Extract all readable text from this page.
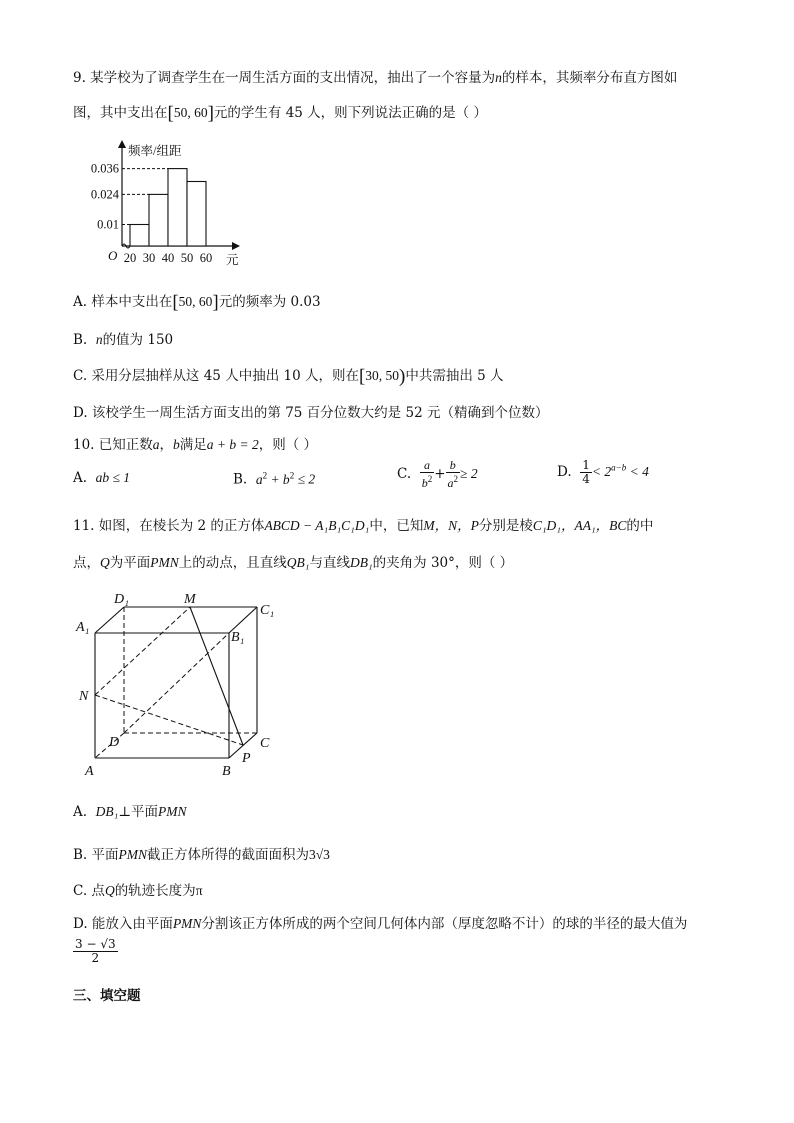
9. 某学校为了调查学生在一周生活方面的支出情况，抽出了一个容量为n的样本，其频率分布直方图如
图，其中支出在[50, 60]元的学生有 45 人，则下列说法正确的是（ ）
0.036
0.024
0.01
20 30 40 50 60
O
频率/组距
元
A. 样本中支出在[50, 60]元的频率为 0.03
B. n的值为 150
C. 采用分层抽样从这 45 人中抽出 10 人，则在[30, 50)中共需抽出 5 人
D. 该校学生一周生活方面支出的第 75 百分位数大约是 52 元（精确到个位数）
10. 已知正数a，b满足a + b = 2，则（ ）
A. ab ≤ 1	B. $a^2 + b^2 \le 2$	C. $\frac{a}{b^2} + \frac{b}{a^2} \ge 2$	D. $\frac{1}{4} < 2^{a-b} < 4$
11. 如图，在棱长为 2 的正方体ABCD − A₁B₁C₁D₁中，已知M，N，P分别是棱C₁D₁，AA₁，BC的中
点，Q为平面PMN上的动点，且直线QB₁与直线DB₁的夹角为 30°，则（ ）
D₁	M
C₁
A₁
B₁
N
D	C
A	B
P
A. DB₁⊥平面PMN
B. 平面PMN截正方体所得的截面面积为3√3
C. 点Q的轨迹长度为π
D. 能放入由平面PMN分割该正方体所成的两个空间几何体内部（厚度忽略不计）的球的半径的最大值为
$\frac{3 - √3}{2}$
三、填空题
